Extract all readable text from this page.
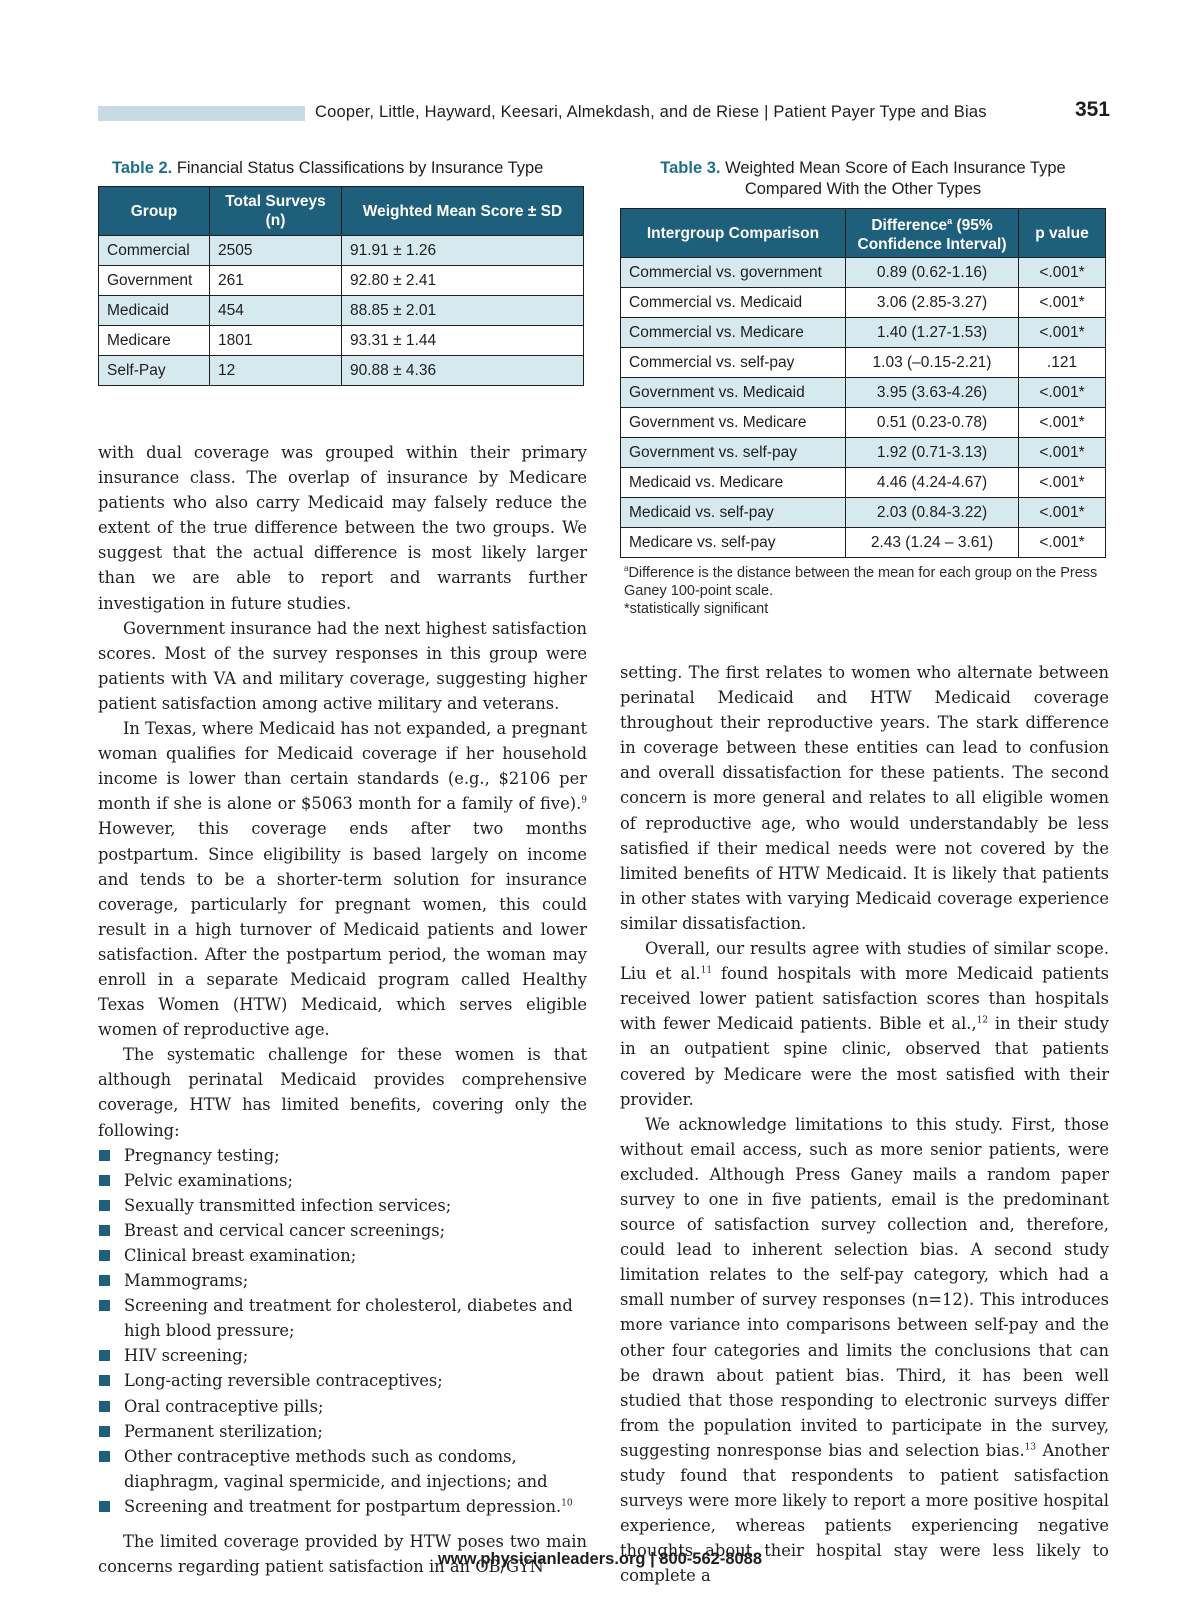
Cooper, Little, Hayward, Keesari, Almekdash, and de Riese | Patient Payer Type and Bias	351
Table 2. Financial Status Classifications by Insurance Type
Group	Total Surveys (n)	Weighted Mean Score ± SD
Commercial	2505	91.91 ± 1.26
Government	261	92.80 ± 2.41
Medicaid	454	88.85 ± 2.01
Medicare	1801	93.31 ± 1.44
Self-Pay	12	90.88 ± 4.36
Table 3. Weighted Mean Score of Each Insurance Type
Compared With the Other Types
Intergroup Comparison	Difference$^a$ (95% Confidence Interval)	p value
Commercial vs. government	0.89 (0.62-1.16)	<.001*
Commercial vs. Medicaid	3.06 (2.85-3.27)	<.001*
Commercial vs. Medicare	1.40 (1.27-1.53)	<.001*
Commercial vs. self-pay	1.03 (–0.15-2.21)	.121
Government vs. Medicaid	3.95 (3.63-4.26)	<.001*
Government vs. Medicare	0.51 (0.23-0.78)	<.001*
Government vs. self-pay	1.92 (0.71-3.13)	<.001*
Medicaid vs. Medicare	4.46 (4.24-4.67)	<.001*
Medicaid vs. self-pay	2.03 (0.84-3.22)	<.001*
Medicare vs. self-pay	2.43 (1.24 – 3.61)	<.001*
$^a$Difference is the distance between the mean for each group on the Press Ganey 100-point scale.
*statistically significant

with dual coverage was grouped within their primary insurance class. The overlap of insurance by Medicare patients who also carry Medicaid may falsely reduce the extent of the true difference between the two groups. We suggest that the actual difference is most likely larger than we are able to report and warrants further investigation in future studies.

Government insurance had the next highest satisfaction scores. Most of the survey responses in this group were patients with VA and military coverage, suggesting higher patient satisfaction among active military and veterans.

In Texas, where Medicaid has not expanded, a pregnant woman qualifies for Medicaid coverage if her household income is lower than certain standards (e.g., $2106 per month if she is alone or $5063 month for a family of five).$^9$ However, this coverage ends after two months postpartum. Since eligibility is based largely on income and tends to be a shorter-term solution for insurance coverage, particularly for pregnant women, this could result in a high turnover of Medicaid patients and lower satisfaction. After the postpartum period, the woman may enroll in a separate Medicaid program called Healthy Texas Women (HTW) Medicaid, which serves eligible women of reproductive age.

The systematic challenge for these women is that although perinatal Medicaid provides comprehensive coverage, HTW has limited benefits, covering only the following:

Pregnancy testing;
Pelvic examinations;
Sexually transmitted infection services;
Breast and cervical cancer screenings;
Clinical breast examination;
Mammograms;
Screening and treatment for cholesterol, diabetes and high blood pressure;
HIV screening;
Long-acting reversible contraceptives;
Oral contraceptive pills;
Permanent sterilization;
Other contraceptive methods such as condoms, diaphragm, vaginal spermicide, and injections; and
Screening and treatment for postpartum depression.$^{10}$

The limited coverage provided by HTW poses two main concerns regarding patient satisfaction in an OB/GYN

setting. The first relates to women who alternate between perinatal Medicaid and HTW Medicaid coverage throughout their reproductive years. The stark difference in coverage between these entities can lead to confusion and overall dissatisfaction for these patients. The second concern is more general and relates to all eligible women of reproductive age, who would understandably be less satisfied if their medical needs were not covered by the limited benefits of HTW Medicaid. It is likely that patients in other states with varying Medicaid coverage experience similar dissatisfaction.

Overall, our results agree with studies of similar scope. Liu et al.$^{11}$ found hospitals with more Medicaid patients received lower patient satisfaction scores than hospitals with fewer Medicaid patients. Bible et al.,$^{12}$ in their study in an outpatient spine clinic, observed that patients covered by Medicare were the most satisfied with their provider.

We acknowledge limitations to this study. First, those without email access, such as more senior patients, were excluded. Although Press Ganey mails a random paper survey to one in five patients, email is the predominant source of satisfaction survey collection and, therefore, could lead to inherent selection bias. A second study limitation relates to the self-pay category, which had a small number of survey responses (n=12). This introduces more variance into comparisons between self-pay and the other four categories and limits the conclusions that can be drawn about patient bias. Third, it has been well studied that those responding to electronic surveys differ from the population invited to participate in the survey, suggesting nonresponse bias and selection bias.$^{13}$ Another study found that respondents to patient satisfaction surveys were more likely to report a more positive hospital experience, whereas patients experiencing negative thoughts about their hospital stay were less likely to complete a

www.physicianleaders.org | 800-562-8088
